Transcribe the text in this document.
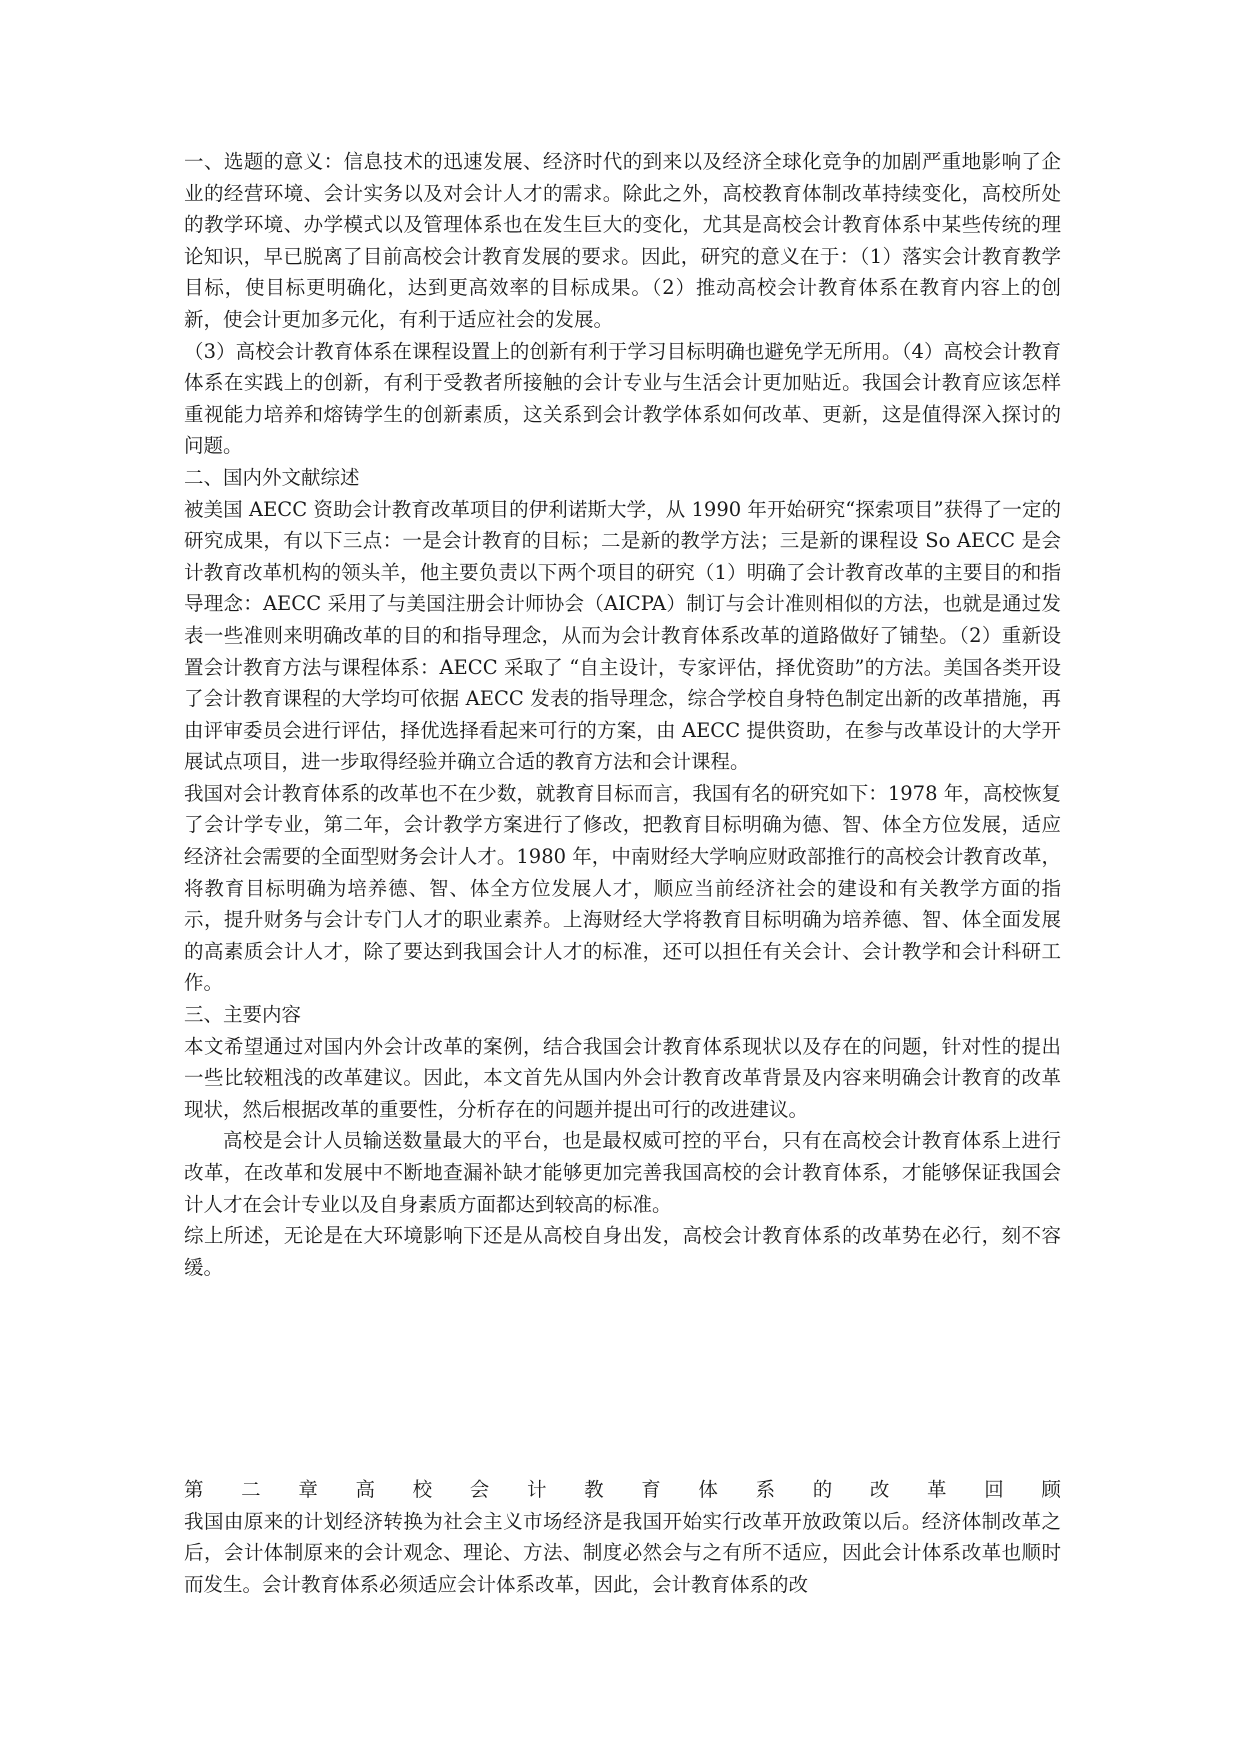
一、选题的意义：信息技术的迅速发展、经济时代的到来以及经济全球化竞争的加剧严重地影响了企业的经营环境、会计实务以及对会计人才的需求。除此之外，高校教育体制改革持续变化，高校所处的教学环境、办学模式以及管理体系也在发生巨大的变化，尤其是高校会计教育体系中某些传统的理论知识，早已脱离了目前高校会计教育发展的要求。因此，研究的意义在于：（1）落实会计教育教学目标，使目标更明确化，达到更高效率的目标成果。（2）推动高校会计教育体系在教育内容上的创新，使会计更加多元化，有利于适应社会的发展。

（3）高校会计教育体系在课程设置上的创新有利于学习目标明确也避免学无所用。（4）高校会计教育体系在实践上的创新，有利于受教者所接触的会计专业与生活会计更加贴近。我国会计教育应该怎样重视能力培养和熔铸学生的创新素质，这关系到会计教学体系如何改革、更新，这是值得深入探讨的问题。

二、国内外文献综述

被美国 AECC 资助会计教育改革项目的伊利诺斯大学，从 1990 年开始研究“探索项目”获得了一定的研究成果，有以下三点：一是会计教育的目标；二是新的教学方法；三是新的课程设 So AECC 是会计教育改革机构的领头羊，他主要负责以下两个项目的研究（1）明确了会计教育改革的主要目的和指导理念：AECC 采用了与美国注册会计师协会（AICPA）制订与会计准则相似的方法，也就是通过发表一些准则来明确改革的目的和指导理念，从而为会计教育体系改革的道路做好了铺垫。（2）重新设置会计教育方法与课程体系：AECC 采取了 “自主设计，专家评估，择优资助”的方法。美国各类开设了会计教育课程的大学均可依据 AECC 发表的指导理念，综合学校自身特色制定出新的改革措施，再由评审委员会进行评估，择优选择看起来可行的方案，由 AECC 提供资助，在参与改革设计的大学开展试点项目，进一步取得经验并确立合适的教育方法和会计课程。

我国对会计教育体系的改革也不在少数，就教育目标而言，我国有名的研究如下：1978 年，高校恢复了会计学专业，第二年，会计教学方案进行了修改，把教育目标明确为德、智、体全方位发展，适应经济社会需要的全面型财务会计人才。1980 年，中南财经大学响应财政部推行的高校会计教育改革，将教育目标明确为培养德、智、体全方位发展人才，顺应当前经济社会的建设和有关教学方面的指示，提升财务与会计专门人才的职业素养。上海财经大学将教育目标明确为培养德、智、体全面发展的高素质会计人才，除了要达到我国会计人才的标准，还可以担任有关会计、会计教学和会计科研工作。

三、主要内容

本文希望通过对国内外会计改革的案例，结合我国会计教育体系现状以及存在的问题，针对性的提出一些比较粗浅的改革建议。因此，本文首先从国内外会计教育改革背景及内容来明确会计教育的改革现状，然后根据改革的重要性，分析存在的问题并提出可行的改进建议。

高校是会计人员输送数量最大的平台，也是最权威可控的平台，只有在高校会计教育体系上进行改革，在改革和发展中不断地查漏补缺才能够更加完善我国高校的会计教育体系，才能够保证我国会计人才在会计专业以及自身素质方面都达到较高的标准。

综上所述，无论是在大环境影响下还是从高校自身出发，高校会计教育体系的改革势在必行，刻不容缓。

第 二 章 高 校 会 计 教 育 体 系 的 改 革 回 顾

我国由原来的计划经济转换为社会主义市场经济是我国开始实行改革开放政策以后。经济体制改革之后，会计体制原来的会计观念、理论、方法、制度必然会与之有所不适应，因此会计体系改革也顺时而发生。会计教育体系必须适应会计体系改革，因此，会计教育体系的改
